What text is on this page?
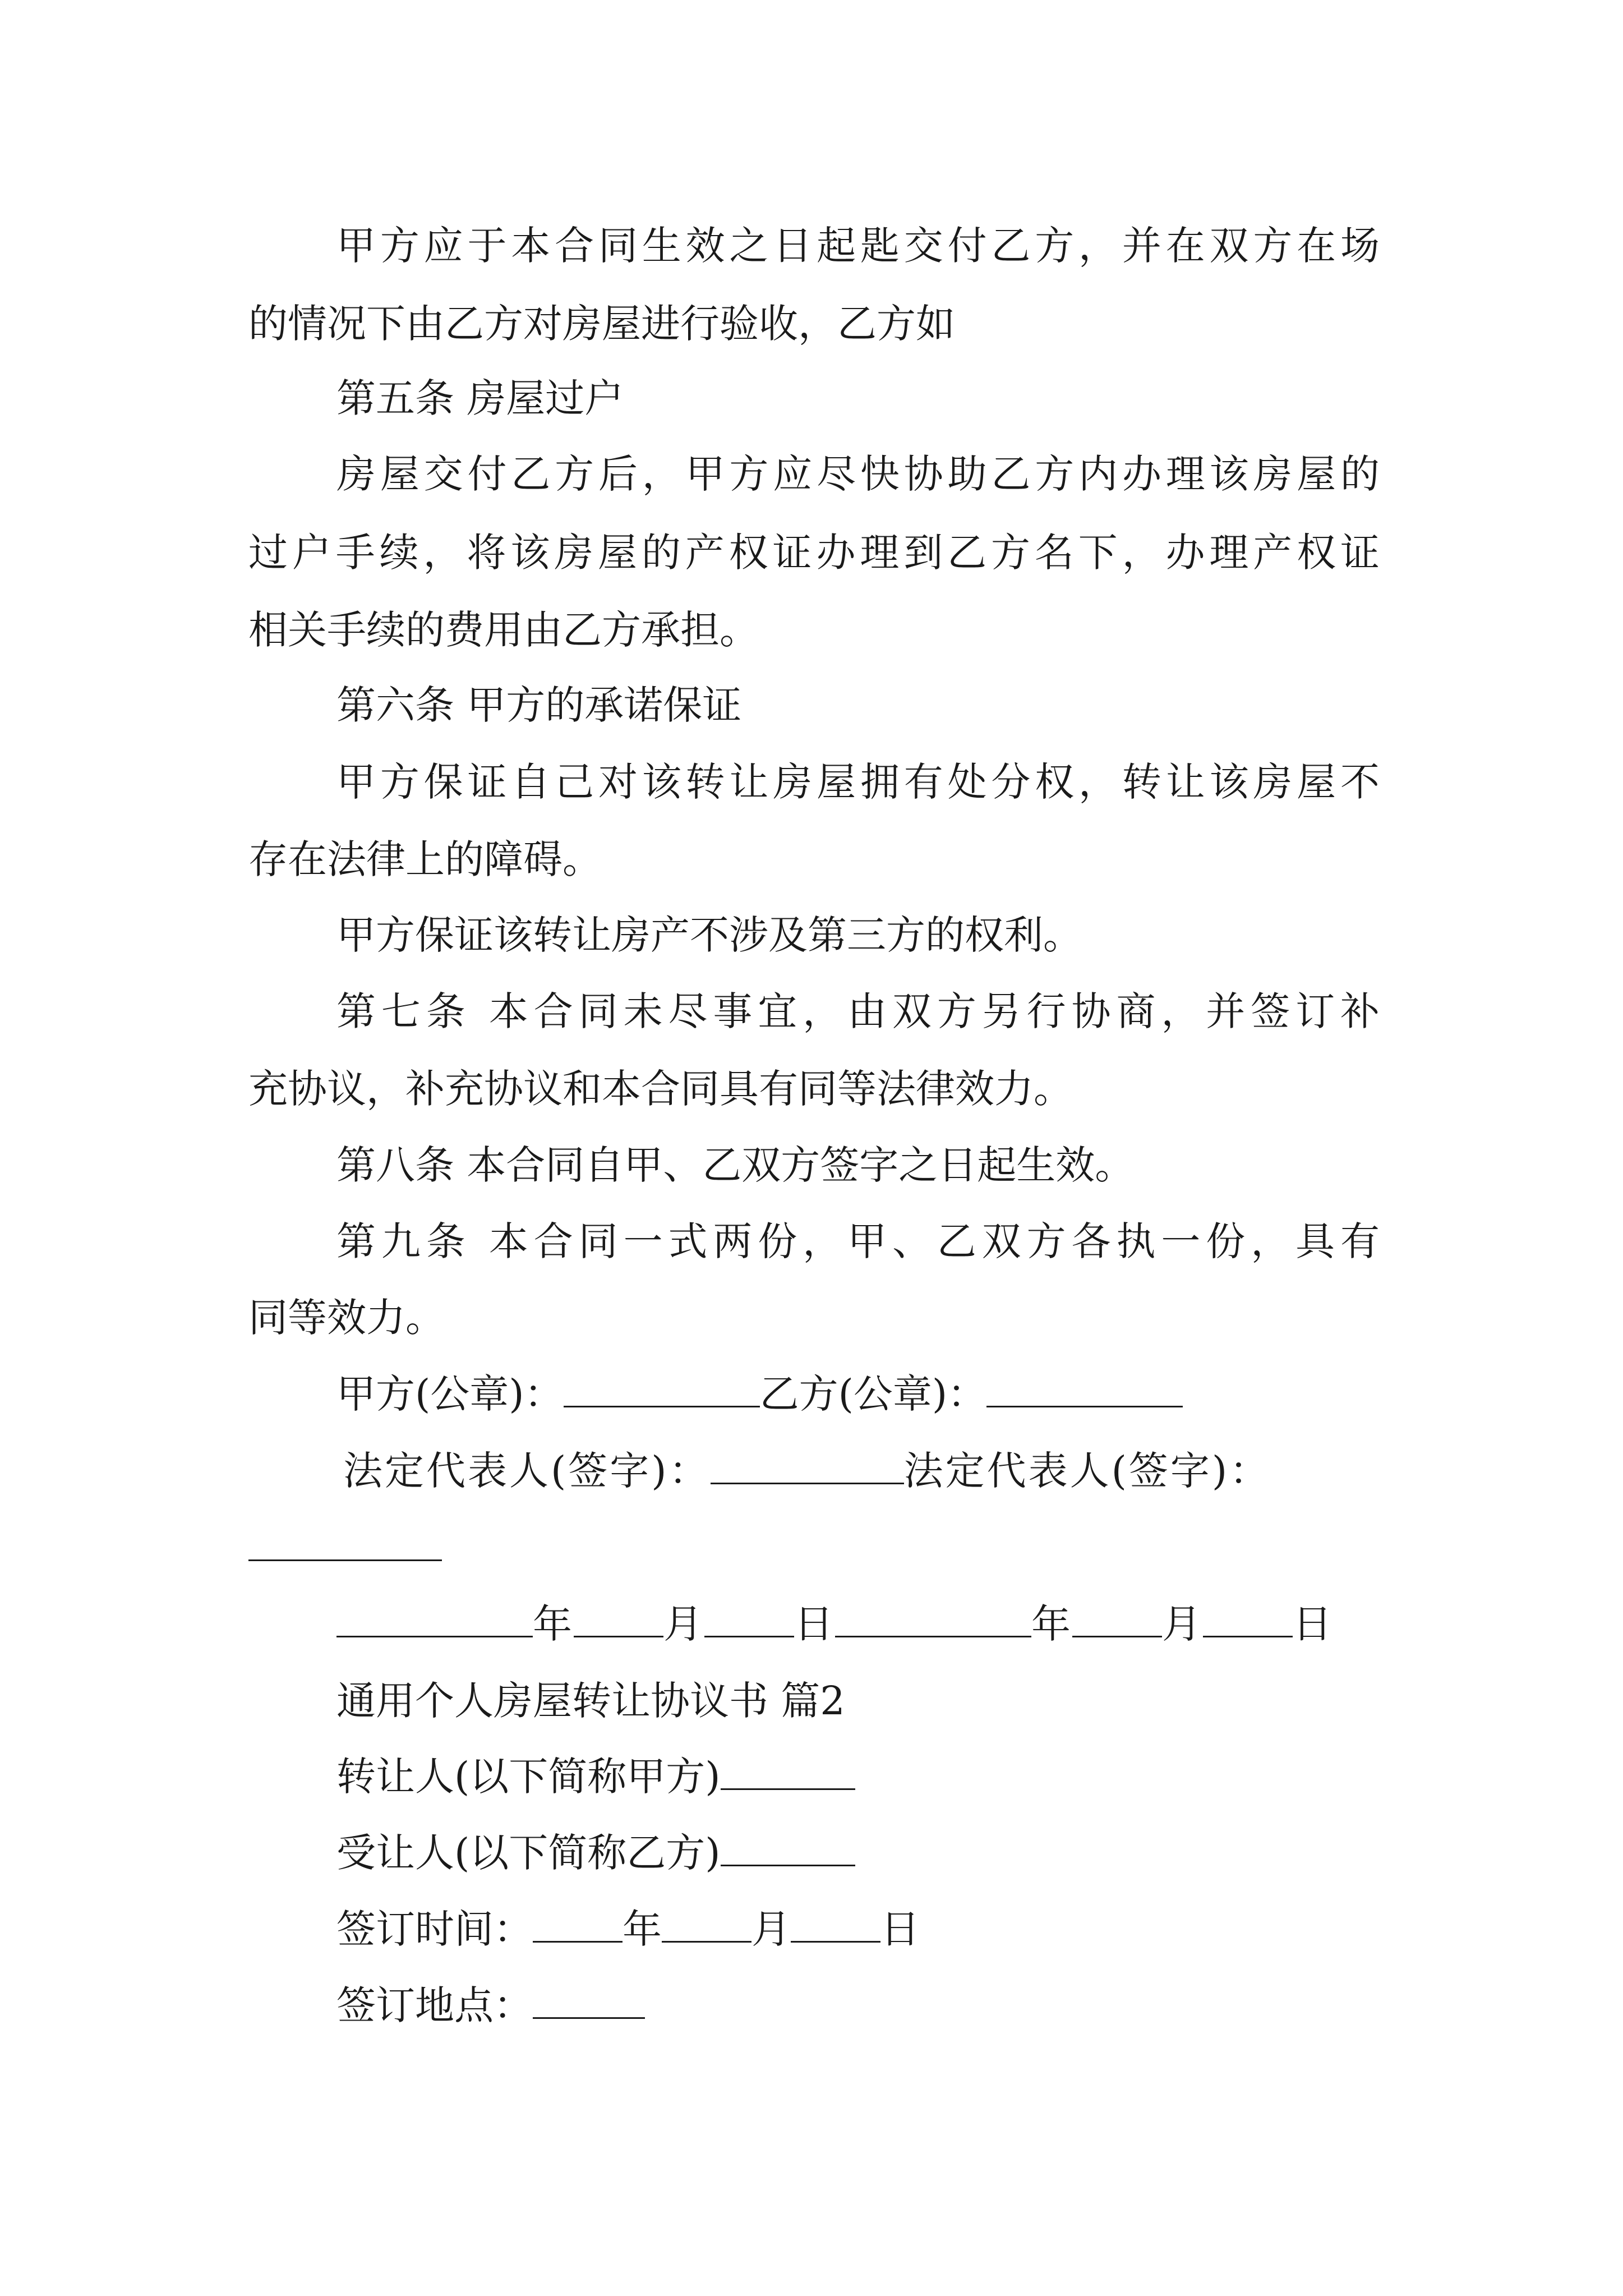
甲方应于本合同生效之日起匙交付乙方，并在双方在场
的情况下由乙方对房屋进行验收，乙方如
第五条 房屋过户
房屋交付乙方后，甲方应尽快协助乙方内办理该房屋的
过户手续，将该房屋的产权证办理到乙方名下，办理产权证
相关手续的费用由乙方承担。
第六条 甲方的承诺保证
甲方保证自己对该转让房屋拥有处分权，转让该房屋不
存在法律上的障碍。
甲方保证该转让房产不涉及第三方的权利。
第七条 本合同未尽事宜，由双方另行协商，并签订补
充协议，补充协议和本合同具有同等法律效力。
第八条 本合同自甲、乙双方签字之日起生效。
第九条 本合同一式两份，甲、乙双方各执一份，具有
同等效力。
甲方(公章)：	乙方(公章)：
法定代表人(签字)：	法定代表人(签字)：
年 月 日	年 月 日
通用个人房屋转让协议书 篇2
转让人(以下简称甲方)
受让人(以下简称乙方)
签订时间： 年 月 日
签订地点：
